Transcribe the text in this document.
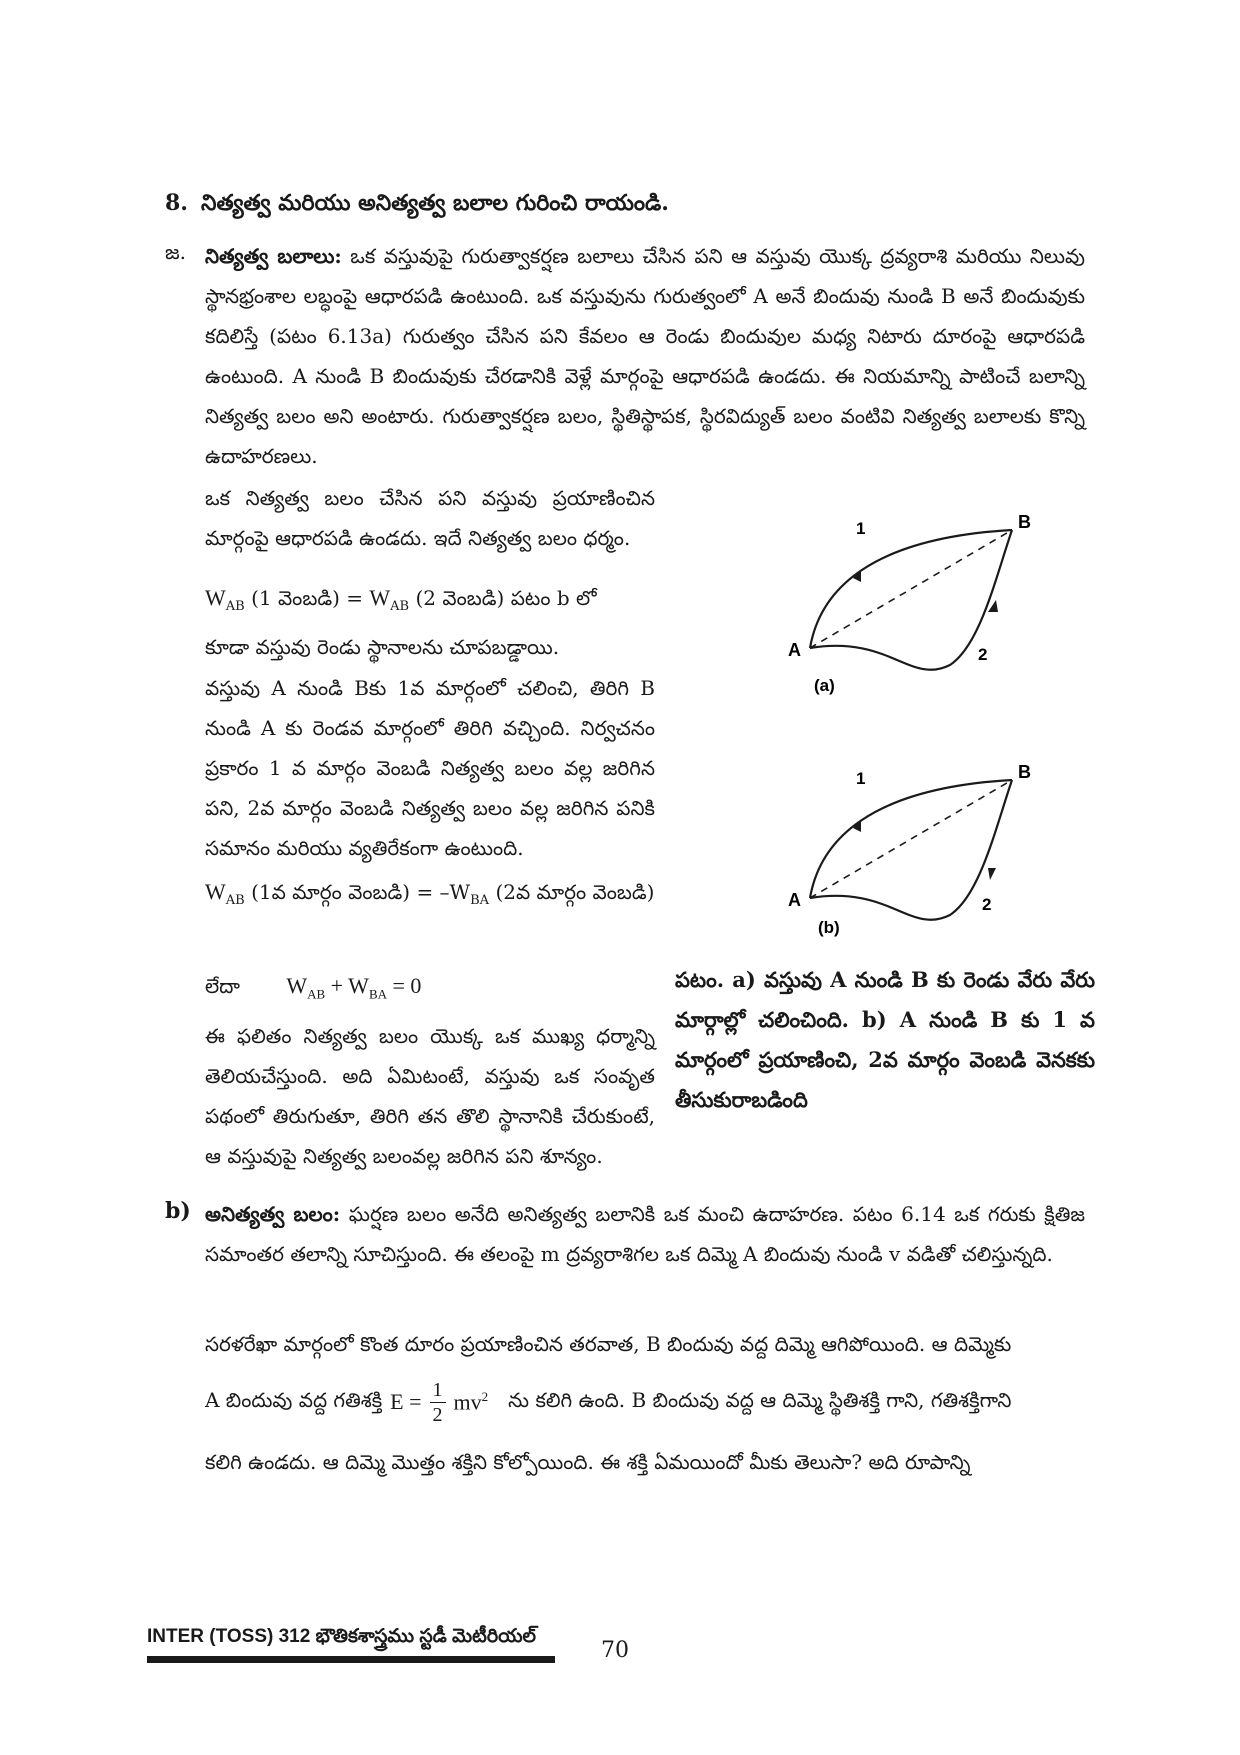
8. నిత్యత్వ మరియు అనిత్యత్వ బలాల గురించి రాయండి.
జ. నిత్యత్వ బలాలు: ఒక వస్తువుపై గురుత్వాకర్షణ బలాలు చేసిన పని ఆ వస్తువు యొక్క ద్రవ్యరాశి మరియు నిలువు స్థానభ్రంశాల లబ్ధంపై ఆధారపడి ఉంటుంది. ఒక వస్తువును గురుత్వంలో A అనే బిందువు నుండి B అనే బిందువుకు కదిలిస్తే (పటం 6.13a) గురుత్వం చేసిన పని కేవలం ఆ రెండు బిందువుల మధ్య నిటారు దూరంపై ఆధారపడి ఉంటుంది. A నుండి B బిందువుకు చేరడానికి వెళ్లే మార్గంపై ఆధారపడి ఉండదు. ఈ నియమాన్ని పాటించే బలాన్ని నిత్యత్వ బలం అని అంటారు. గురుత్వాకర్షణ బలం, స్థితిస్థాపక, స్థిరవిద్యుత్ బలం వంటివి నిత్యత్వ బలాలకు కొన్ని ఉదాహరణలు.
ఒక నిత్యత్వ బలం చేసిన పని వస్తువు ప్రయాణించిన మార్గంపై ఆధారపడి ఉండదు. ఇదే నిత్యత్వ బలం ధర్మం.
$W_{AB}$ (1 వెంబడి) = $W_{AB}$ (2 వెంబడి) పటం b లో
కూడా వస్తువు రెండు స్థానాలను చూపబడ్డాయి.
వస్తువు A నుండి Bకు 1వ మార్గంలో చలించి, తిరిగి B నుండి A కు రెండవ మార్గంలో తిరిగి వచ్చింది. నిర్వచనం ప్రకారం 1 వ మార్గం వెంబడి నిత్యత్వ బలం వల్ల జరిగిన పని, 2వ మార్గం వెంబడి నిత్యత్వ బలం వల్ల జరిగిన పనికి సమానం మరియు వ్యతిరేకంగా ఉంటుంది.
$W_{AB}$ (1వ మార్గం వెంబడి) = $-W_{BA}$ (2వ మార్గం వెంబడి)
లేదా $W_{AB} + W_{BA} = 0$
ఈ ఫలితం నిత్యత్వ బలం యొక్క ఒక ముఖ్య ధర్మాన్ని తెలియచేస్తుంది. అది ఏమిటంటే, వస్తువు ఒక సంవృత పథంలో తిరుగుతూ, తిరిగి తన తొలి స్థానానికి చేరుకుంటే, ఆ వస్తువుపై నిత్యత్వ బలంవల్ల జరిగిన పని శూన్యం.
A
B
1
2
(a)
A
B
1
2
(b)
పటం. a) వస్తువు A నుండి B కు రెండు వేరు వేరు మార్గాల్లో చలించింది. b) A నుండి B కు 1 వ మార్గంలో ప్రయాణించి, 2వ మార్గం వెంబడి వెనకకు తీసుకురాబడింది
b) అనిత్యత్వ బలం: ఘర్షణ బలం అనేది అనిత్యత్వ బలానికి ఒక మంచి ఉదాహరణ. పటం 6.14 ఒక గరుకు క్షితిజ సమాంతర తలాన్ని సూచిస్తుంది. ఈ తలంపై m ద్రవ్యరాశిగల ఒక దిమ్మె A బిందువు నుండి v వడితో చలిస్తున్నది.
సరళరేఖా మార్గంలో కొంత దూరం ప్రయాణించిన తరవాత, B బిందువు వద్ద దిమ్మె ఆగిపోయింది. ఆ దిమ్మెకు
A బిందువు వద్ద గతిశక్తి $E = \frac{1}{2} mv^2$ ను కలిగి ఉంది. B బిందువు వద్ద ఆ దిమ్మె స్థితిశక్తి గాని, గతిశక్తిగాని
కలిగి ఉండదు. ఆ దిమ్మె మొత్తం శక్తిని కోల్పోయింది. ఈ శక్తి ఏమయిందో మీకు తెలుసా? అది రూపాన్ని
INTER (TOSS) 312 భౌతికశాస్త్రము స్టడీ మెటీరియల్
70
